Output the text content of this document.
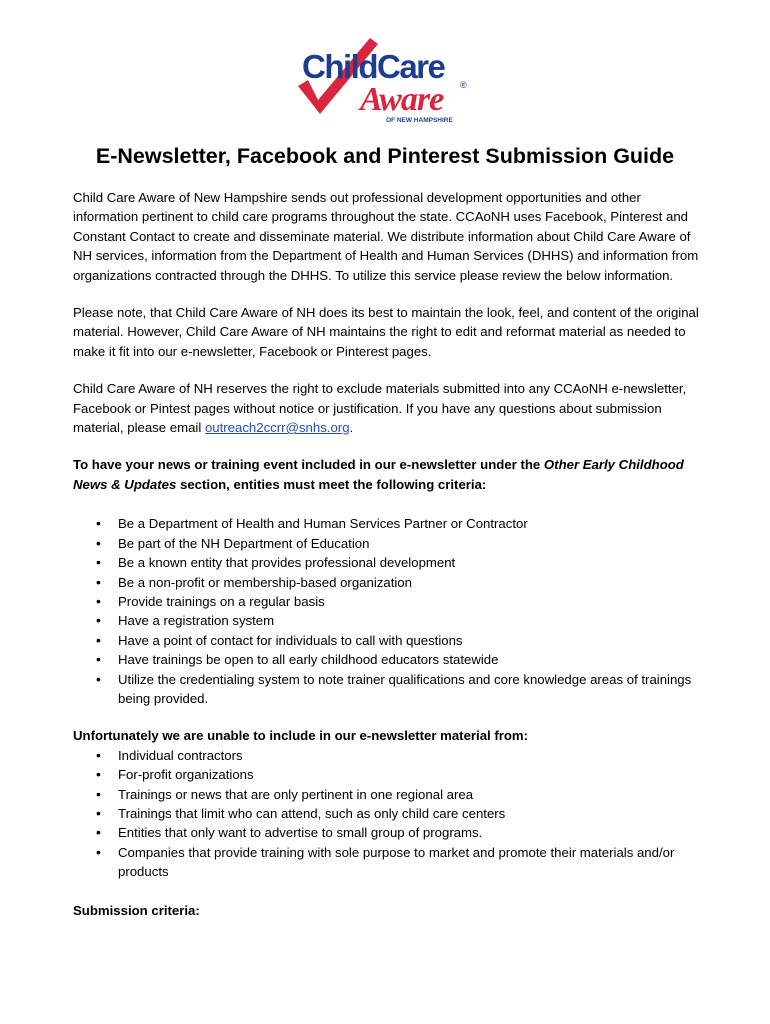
ChildCare
Aware ®
OF NEW HAMPSHIRE
E-Newsletter, Facebook and Pinterest Submission Guide

Child Care Aware of New Hampshire sends out professional development opportunities and other information pertinent to child care programs throughout the state. CCAoNH uses Facebook, Pinterest and Constant Contact to create and disseminate material. We distribute information about Child Care Aware of NH services, information from the Department of Health and Human Services (DHHS) and information from organizations contracted through the DHHS. To utilize this service please review the below information.

Please note, that Child Care Aware of NH does its best to maintain the look, feel, and content of the original material. However, Child Care Aware of NH maintains the right to edit and reformat material as needed to make it fit into our e-newsletter, Facebook or Pinterest pages.

Child Care Aware of NH reserves the right to exclude materials submitted into any CCAoNH e-newsletter, Facebook or Pintest pages without notice or justification. If you have any questions about submission material, please email outreach2ccrr@snhs.org.

To have your news or training event included in our e-newsletter under the Other Early Childhood News & Updates section, entities must meet the following criteria:

• Be a Department of Health and Human Services Partner or Contractor
• Be part of the NH Department of Education
• Be a known entity that provides professional development
• Be a non-profit or membership-based organization
• Provide trainings on a regular basis
• Have a registration system
• Have a point of contact for individuals to call with questions
• Have trainings be open to all early childhood educators statewide
• Utilize the credentialing system to note trainer qualifications and core knowledge areas of trainings being provided.

Unfortunately we are unable to include in our e-newsletter material from:

• Individual contractors
• For-profit organizations
• Trainings or news that are only pertinent in one regional area
• Trainings that limit who can attend, such as only child care centers
• Entities that only want to advertise to small group of programs.
• Companies that provide training with sole purpose to market and promote their materials and/or products

Submission criteria:
